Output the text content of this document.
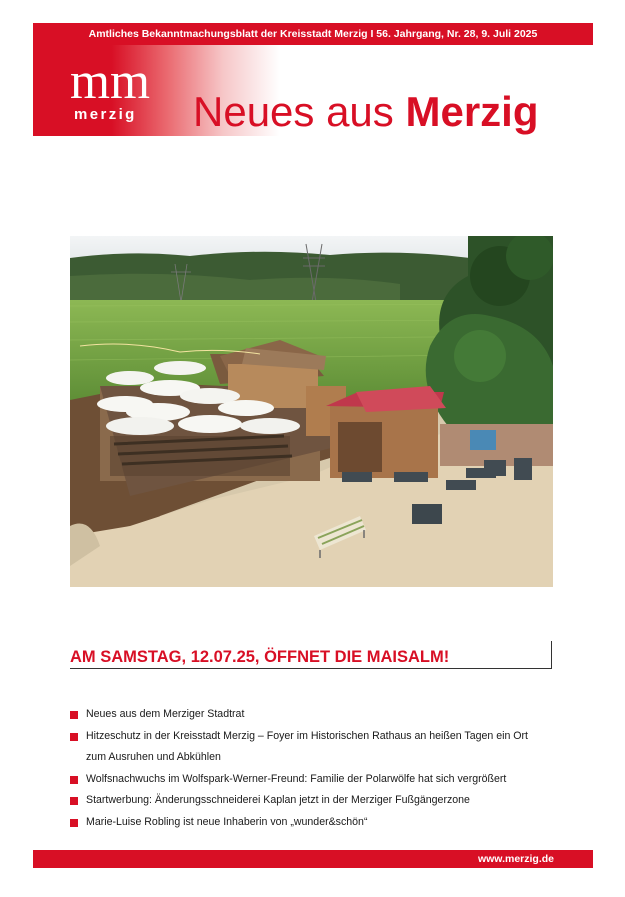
Amtliches Bekanntmachungsblatt der Kreisstadt Merzig I 56. Jahrgang, Nr. 28, 9. Juli 2025
mm
merzig Neues aus Merzig
AM SAMSTAG, 12.07.25, ÖFFNET DIE MAISALM!
Neues aus dem Merziger Stadtrat
Hitzeschutz in der Kreisstadt Merzig – Foyer im Historischen Rathaus an heißen Tagen ein Ort zum Ausruhen und Abkühlen
Wolfsnachwuchs im Wolfspark-Werner-Freund: Familie der Polarwölfe hat sich vergrößert
Startwerbung: Änderungsschneiderei Kaplan jetzt in der Merziger Fußgängerzone
Marie-Luise Robling ist neue Inhaberin von „wunder&schön“
www.merzig.de
